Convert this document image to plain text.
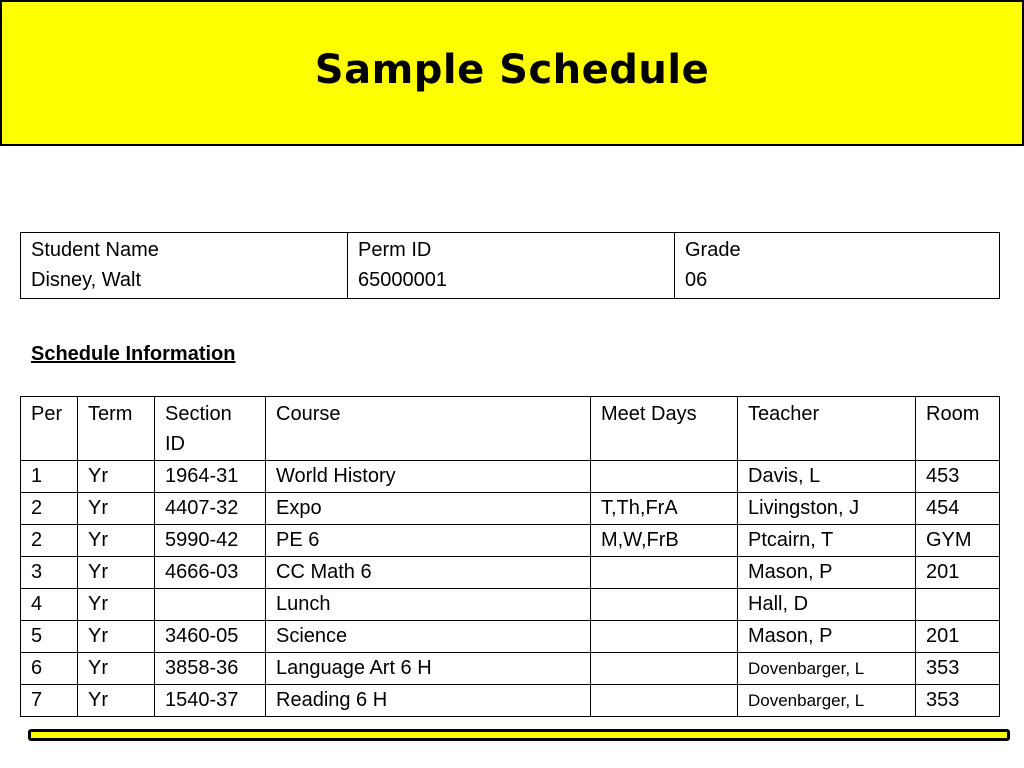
Sample Schedule
Student Name
Disney, Walt

Perm ID
65000001

Grade
06
Schedule Information
Per	Term	Section ID	Course	Meet Days	Teacher	Room
1	Yr	1964-31	World History		Davis, L	453
2	Yr	4407-32	Expo	T,Th,FrA	Livingston, J	454
2	Yr	5990-42	PE 6	M,W,FrB	Ptcairn, T	GYM
3	Yr	4666-03	CC Math 6		Mason, P	201
4	Yr		Lunch		Hall, D	
5	Yr	3460-05	Science		Mason, P	201
6	Yr	3858-36	Language Art 6 H		Dovenbarger, L	353
7	Yr	1540-37	Reading 6 H		Dovenbarger, L	353
